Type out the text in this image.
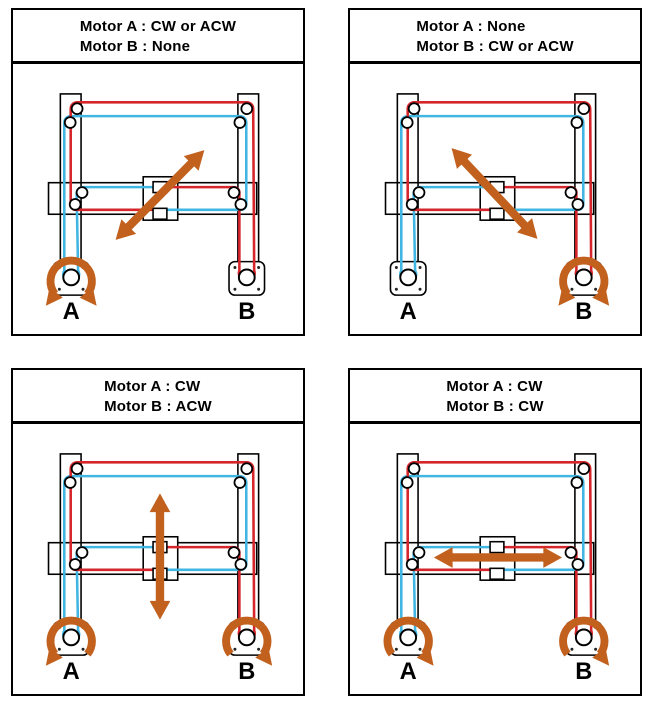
Motor A : CW or ACW
Motor B : None
A	B
Motor A : None
Motor B : CW or ACW
A	B
Motor A : CW
Motor B : ACW
A	B
Motor A : CW
Motor B : CW
A	B
